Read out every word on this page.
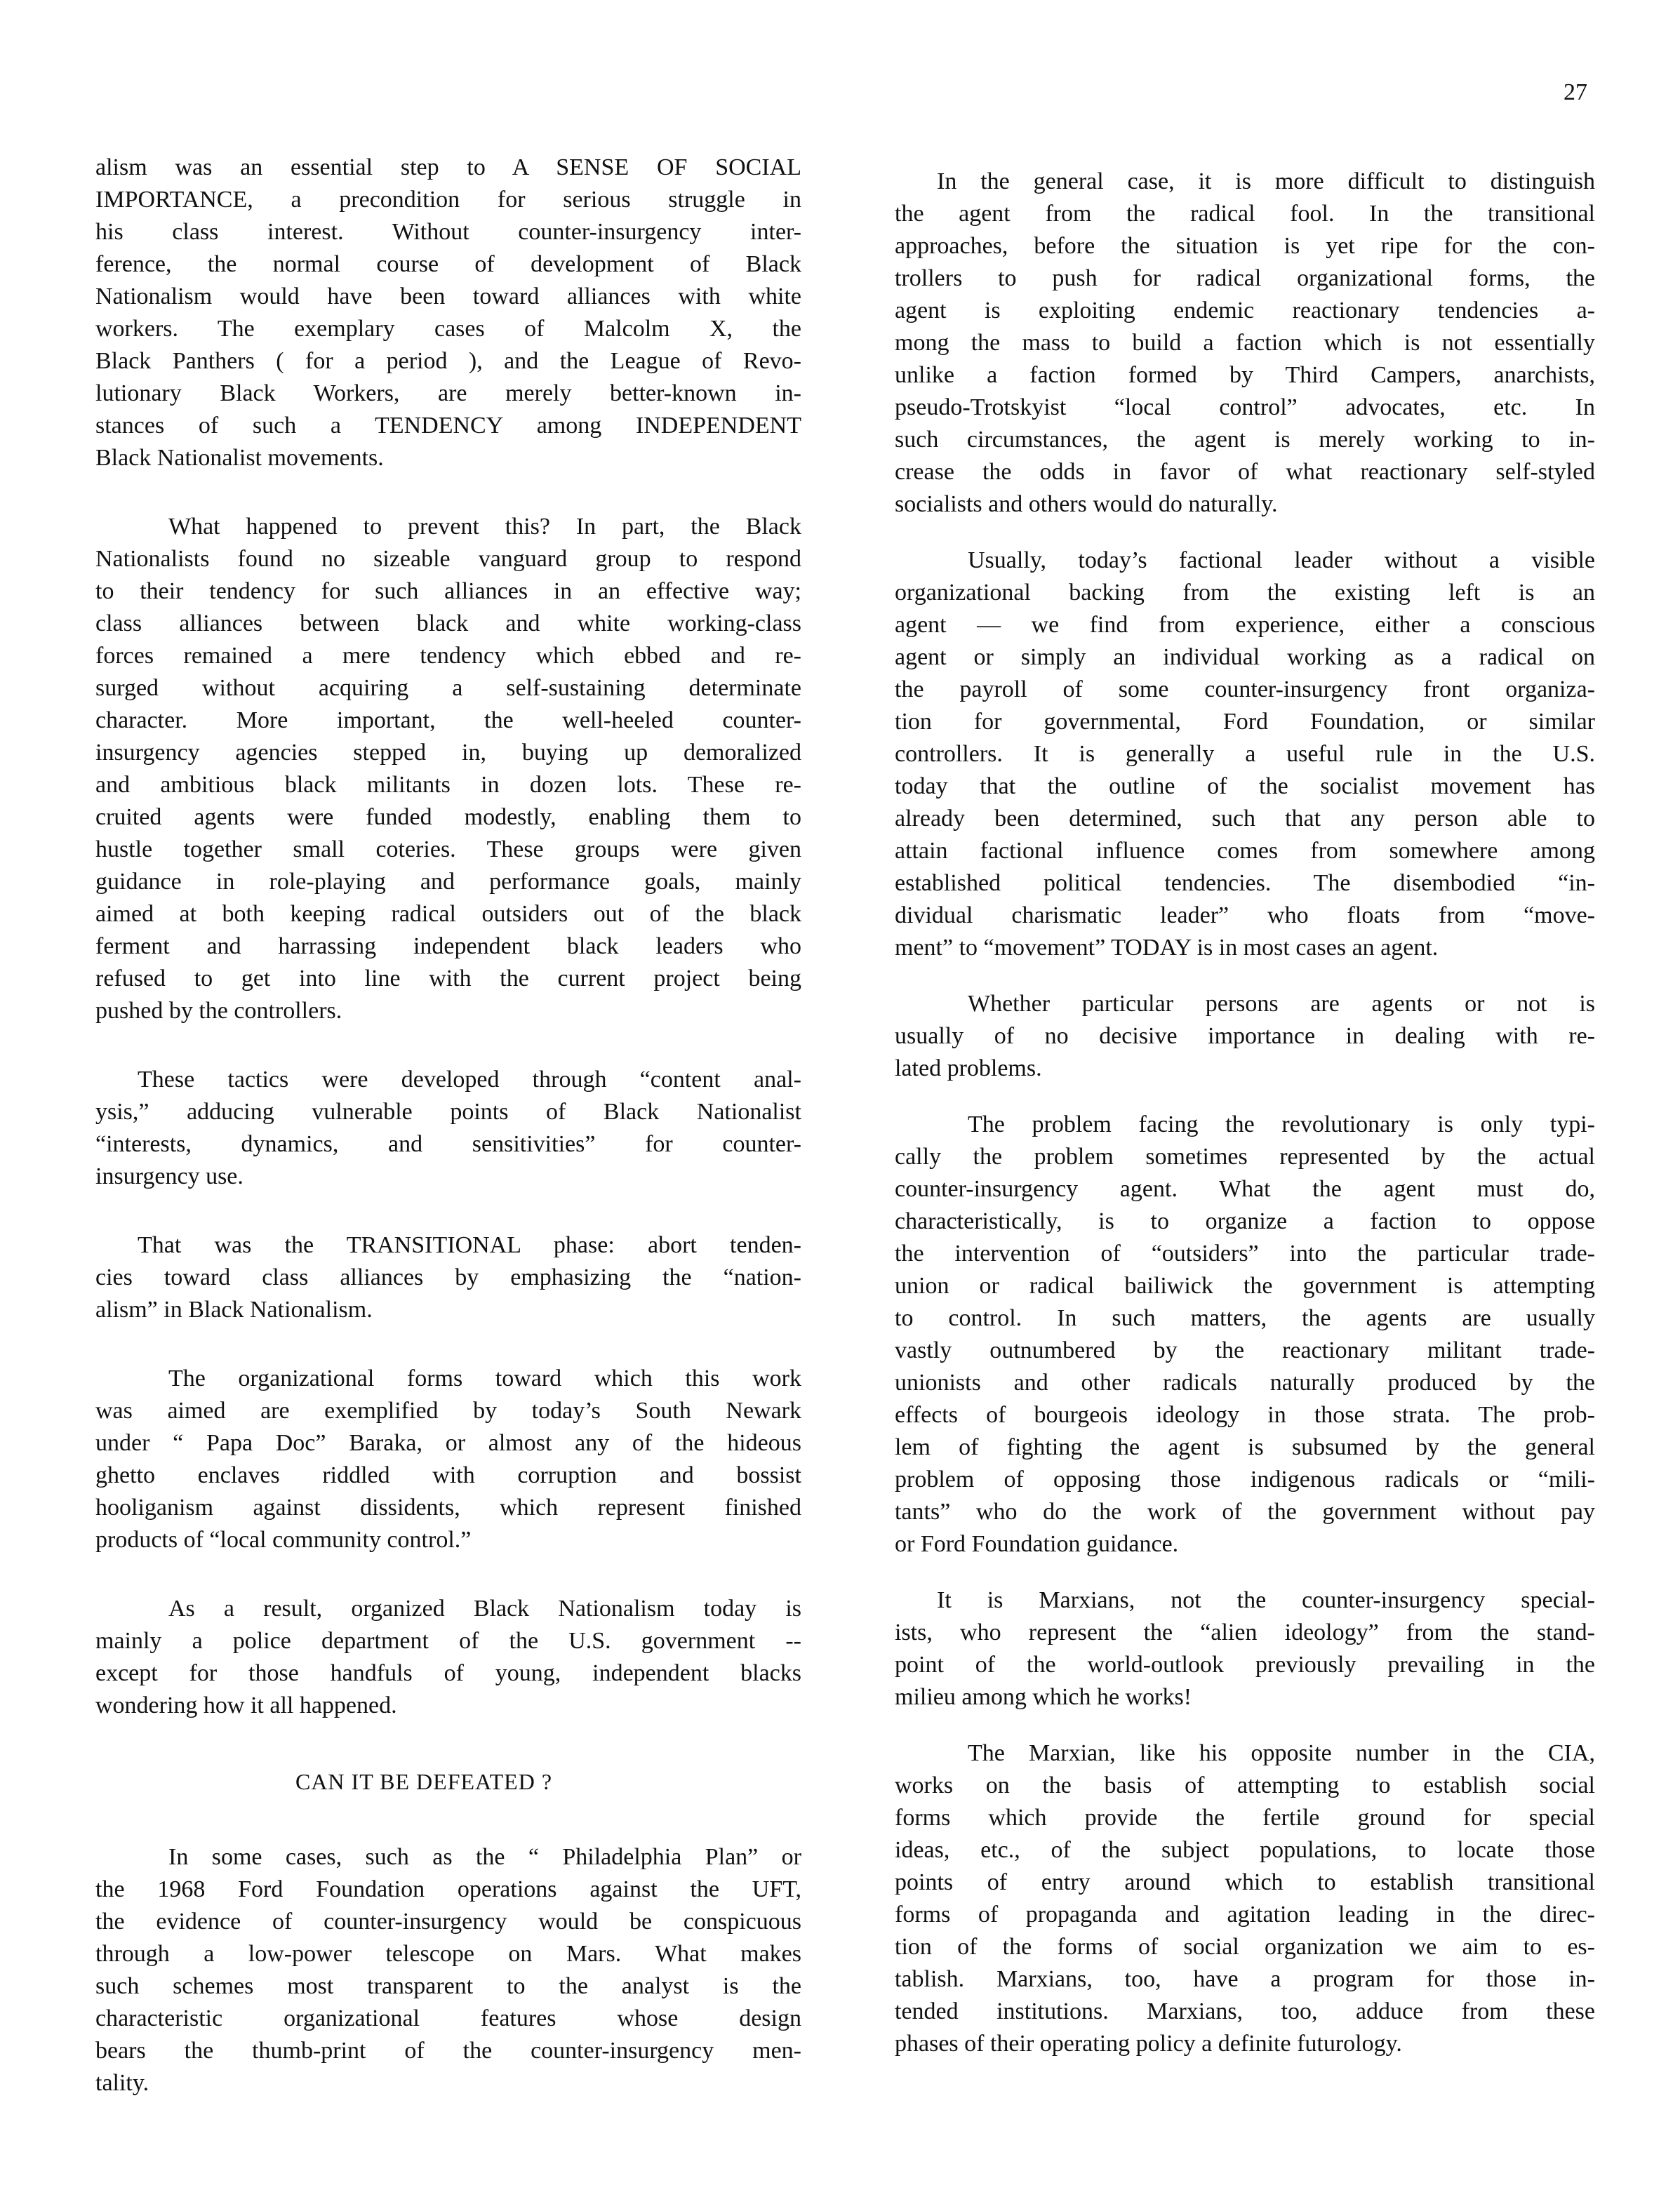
27

alism was an essential step to A SENSE OF SOCIAL
IMPORTANCE, a precondition for serious struggle in
his class interest. Without counter-insurgency inter-
ference, the normal course of development of Black
Nationalism would have been toward alliances with white
workers. The exemplary cases of Malcolm X, the
Black Panthers ( for a period ), and the League of Revo-
lutionary Black Workers, are merely better-known in-
stances of such a TENDENCY among INDEPENDENT
Black Nationalist movements.

What happened to prevent this? In part, the Black
Nationalists found no sizeable vanguard group to respond
to their tendency for such alliances in an effective way;
class alliances between black and white working-class
forces remained a mere tendency which ebbed and re-
surged without acquiring a self-sustaining determinate
character. More important, the well-heeled counter-
insurgency agencies stepped in, buying up demoralized
and ambitious black militants in dozen lots. These re-
cruited agents were funded modestly, enabling them to
hustle together small coteries. These groups were given
guidance in role-playing and performance goals, mainly
aimed at both keeping radical outsiders out of the black
ferment and harrassing independent black leaders who
refused to get into line with the current project being
pushed by the controllers.

These tactics were developed through “content anal-
ysis,” adducing vulnerable points of Black Nationalist
“interests, dynamics, and sensitivities” for counter-
insurgency use.

That was the TRANSITIONAL phase: abort tenden-
cies toward class alliances by emphasizing the “nation-
alism” in Black Nationalism.

The organizational forms toward which this work
was aimed are exemplified by today’s South Newark
under “ Papa Doc” Baraka, or almost any of the hideous
ghetto enclaves riddled with corruption and bossist
hooliganism against dissidents, which represent finished
products of “local community control.”

As a result, organized Black Nationalism today is
mainly a police department of the U.S. government --
except for those handfuls of young, independent blacks
wondering how it all happened.

CAN IT BE DEFEATED ?

In some cases, such as the “ Philadelphia Plan” or
the 1968 Ford Foundation operations against the UFT,
the evidence of counter-insurgency would be conspicuous
through a low-power telescope on Mars. What makes
such schemes most transparent to the analyst is the
characteristic organizational features whose design
bears the thumb-print of the counter-insurgency men-
tality.

In the general case, it is more difficult to distinguish
the agent from the radical fool. In the transitional
approaches, before the situation is yet ripe for the con-
trollers to push for radical organizational forms, the
agent is exploiting endemic reactionary tendencies a-
mong the mass to build a faction which is not essentially
unlike a faction formed by Third Campers, anarchists,
pseudo-Trotskyist “local control” advocates, etc. In
such circumstances, the agent is merely working to in-
crease the odds in favor of what reactionary self-styled
socialists and others would do naturally.

Usually, today’s factional leader without a visible
organizational backing from the existing left is an
agent — we find from experience, either a conscious
agent or simply an individual working as a radical on
the payroll of some counter-insurgency front organiza-
tion for governmental, Ford Foundation, or similar
controllers. It is generally a useful rule in the U.S.
today that the outline of the socialist movement has
already been determined, such that any person able to
attain factional influence comes from somewhere among
established political tendencies. The disembodied “in-
dividual charismatic leader” who floats from “move-
ment” to “movement” TODAY is in most cases an agent.

Whether particular persons are agents or not is
usually of no decisive importance in dealing with re-
lated problems.

The problem facing the revolutionary is only typi-
cally the problem sometimes represented by the actual
counter-insurgency agent. What the agent must do,
characteristically, is to organize a faction to oppose
the intervention of “outsiders” into the particular trade-
union or radical bailiwick the government is attempting
to control. In such matters, the agents are usually
vastly outnumbered by the reactionary militant trade-
unionists and other radicals naturally produced by the
effects of bourgeois ideology in those strata. The prob-
lem of fighting the agent is subsumed by the general
problem of opposing those indigenous radicals or “mili-
tants” who do the work of the government without pay
or Ford Foundation guidance.

It is Marxians, not the counter-insurgency special-
ists, who represent the “alien ideology” from the stand-
point of the world-outlook previously prevailing in the
milieu among which he works!

The Marxian, like his opposite number in the CIA,
works on the basis of attempting to establish social
forms which provide the fertile ground for special
ideas, etc., of the subject populations, to locate those
points of entry around which to establish transitional
forms of propaganda and agitation leading in the direc-
tion of the forms of social organization we aim to es-
tablish. Marxians, too, have a program for those in-
tended institutions. Marxians, too, adduce from these
phases of their operating policy a definite futurology.
